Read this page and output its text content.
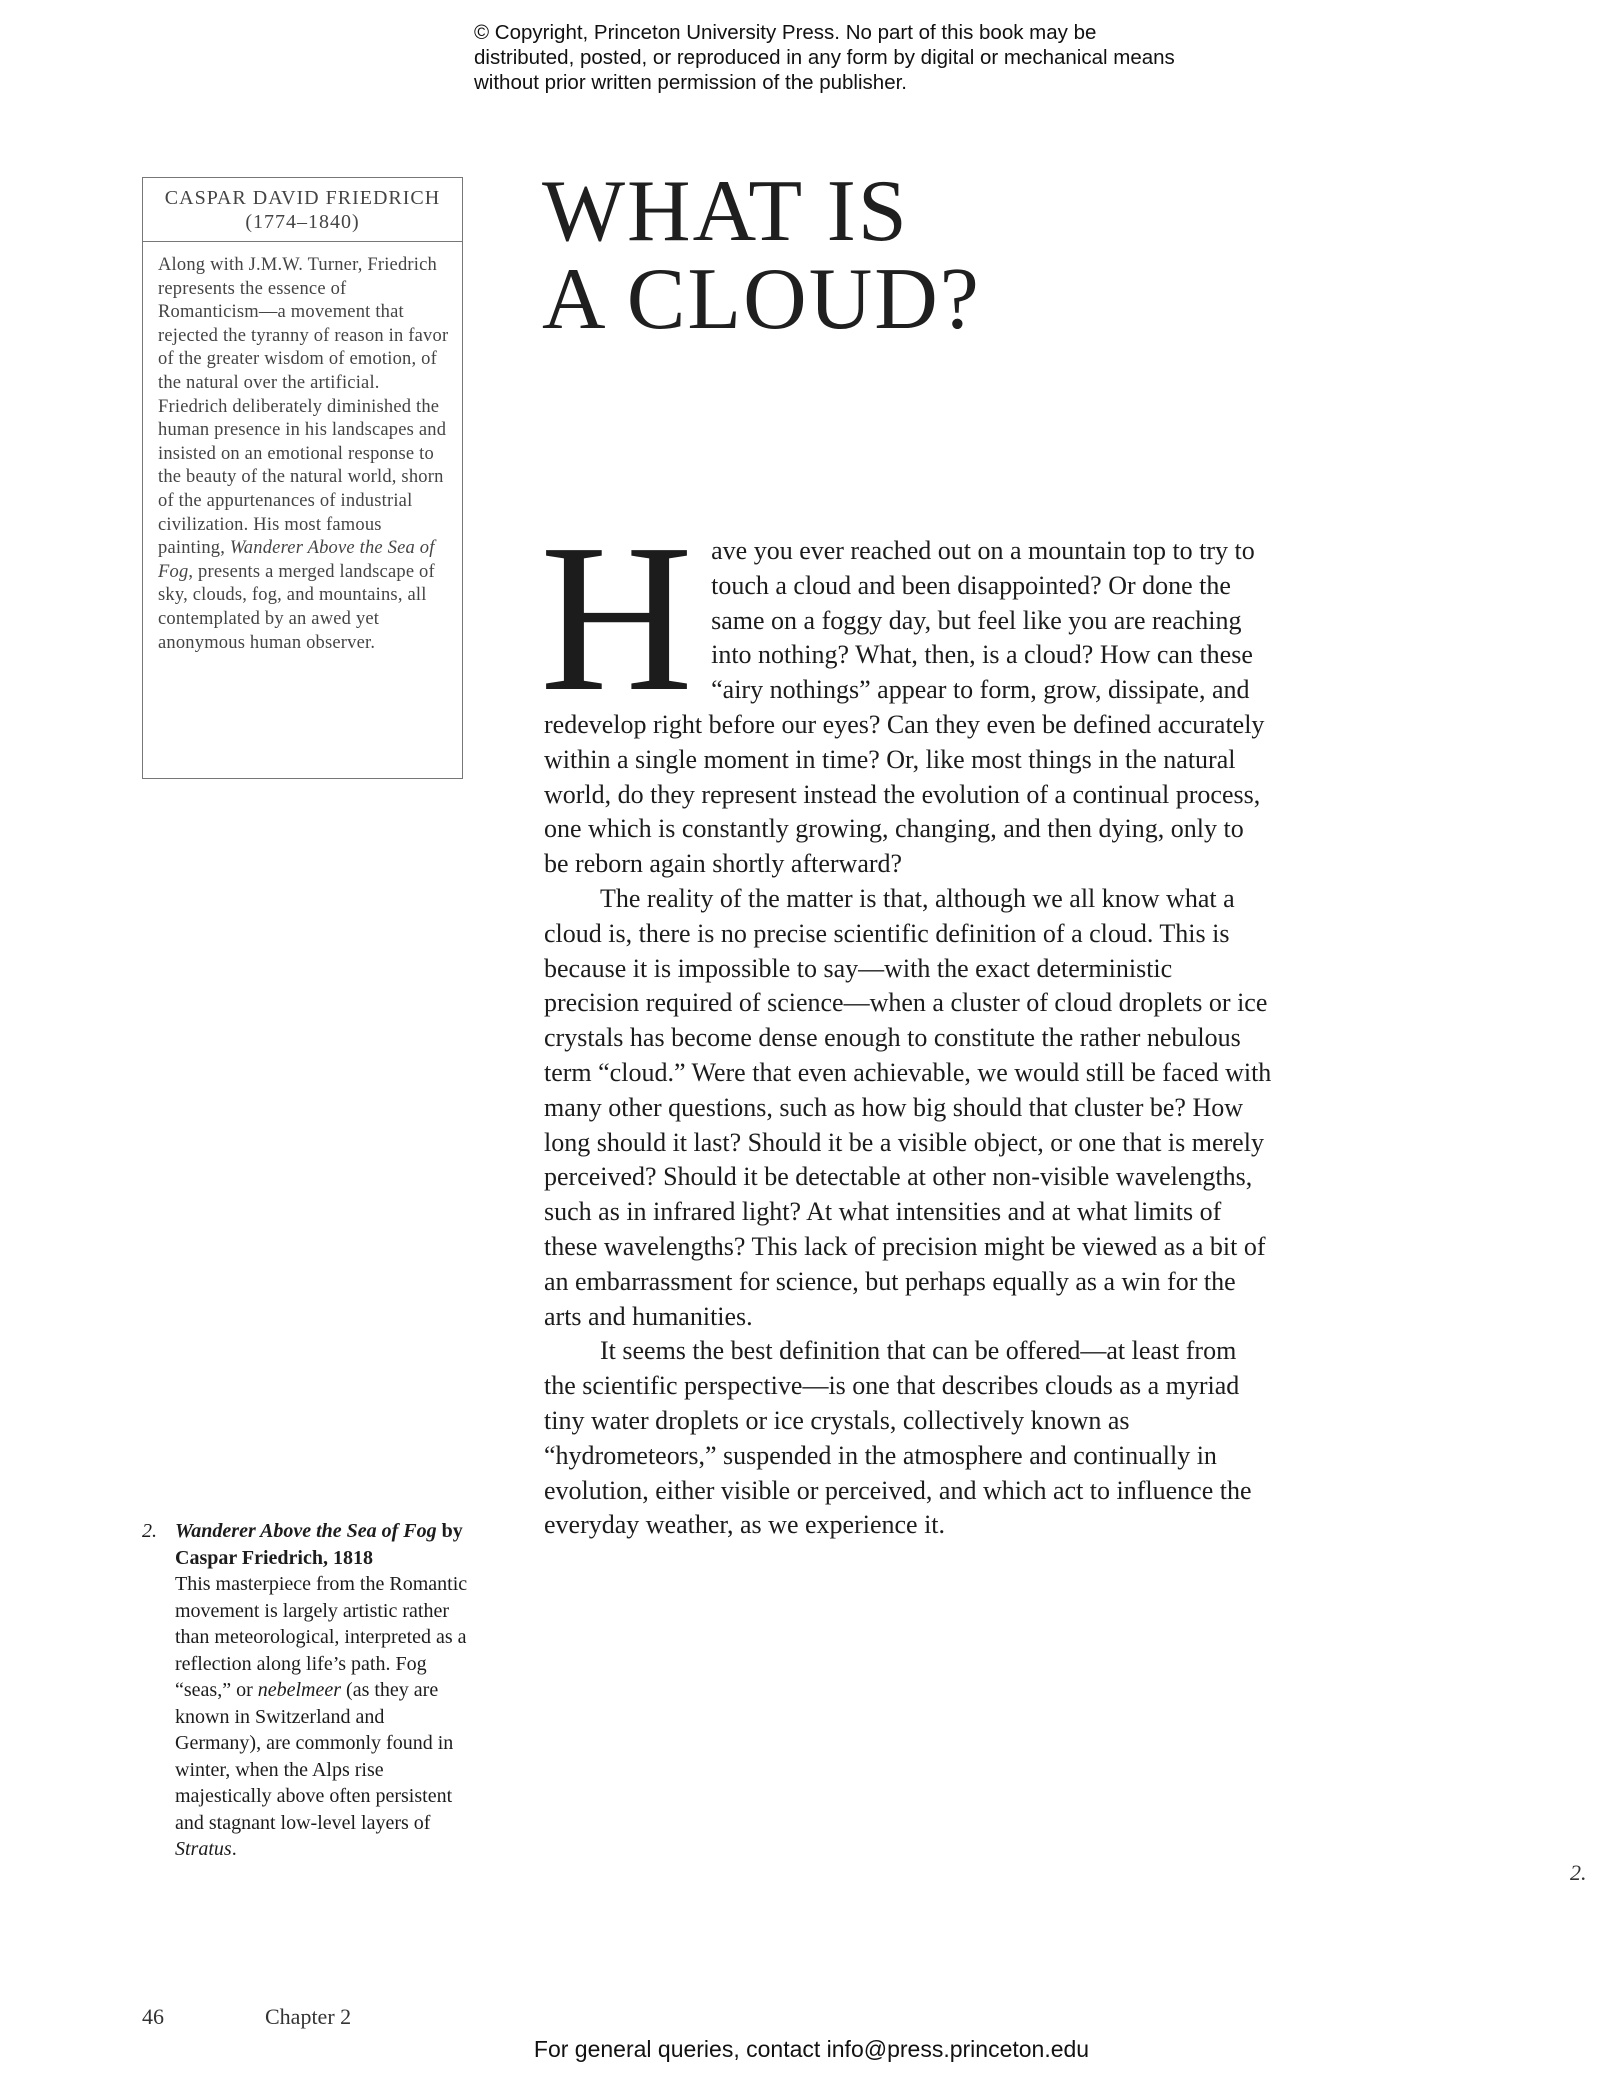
© Copyright, Princeton University Press. No part of this book may be distributed, posted, or reproduced in any form by digital or mechanical means without prior written permission of the publisher.
CASPAR DAVID FRIEDRICH
(1774–1840)
Along with J.M.W. Turner, Friedrich represents the essence of Romanticism—a movement that rejected the tyranny of reason in favor of the greater wisdom of emotion, of the natural over the artificial. Friedrich deliberately diminished the human presence in his landscapes and insisted on an emotional response to the beauty of the natural world, shorn of the appurtenances of industrial civilization. His most famous painting, Wanderer Above the Sea of Fog, presents a merged landscape of sky, clouds, fog, and mountains, all contemplated by an awed yet anonymous human observer.
WHAT IS
A CLOUD?

Have you ever reached out on a mountain top to try to touch a cloud and been disappointed? Or done the same on a foggy day, but feel like you are reaching into nothing? What, then, is a cloud? How can these “airy nothings” appear to form, grow, dissipate, and redevelop right before our eyes? Can they even be defined accurately within a single moment in time? Or, like most things in the natural world, do they represent instead the evolution of a continual process, one which is constantly growing, changing, and then dying, only to be reborn again shortly afterward?

The reality of the matter is that, although we all know what a cloud is, there is no precise scientific definition of a cloud. This is because it is impossible to say—with the exact deterministic precision required of science—when a cluster of cloud droplets or ice crystals has become dense enough to constitute the rather nebulous term “cloud.” Were that even achievable, we would still be faced with many other questions, such as how big should that cluster be? How long should it last? Should it be a visible object, or one that is merely perceived? Should it be detectable at other non-visible wavelengths, such as in infrared light? At what intensities and at what limits of these wavelengths? This lack of precision might be viewed as a bit of an embarrassment for science, but perhaps equally as a win for the arts and humanities.

It seems the best definition that can be offered—at least from the scientific perspective—is one that describes clouds as a myriad tiny water droplets or ice crystals, collectively known as “hydrometeors,” suspended in the atmosphere and continually in evolution, either visible or perceived, and which act to influence the everyday weather, as we experience it.

2. Wanderer Above the Sea of Fog by Caspar Friedrich, 1818
This masterpiece from the Romantic movement is largely artistic rather than meteorological, interpreted as a reflection along life’s path. Fog “seas,” or nebelmeer (as they are known in Switzerland and Germany), are commonly found in winter, when the Alps rise majestically above often persistent and stagnant low-level layers of Stratus.
2.
46	Chapter 2
For general queries, contact info@press.princeton.edu
